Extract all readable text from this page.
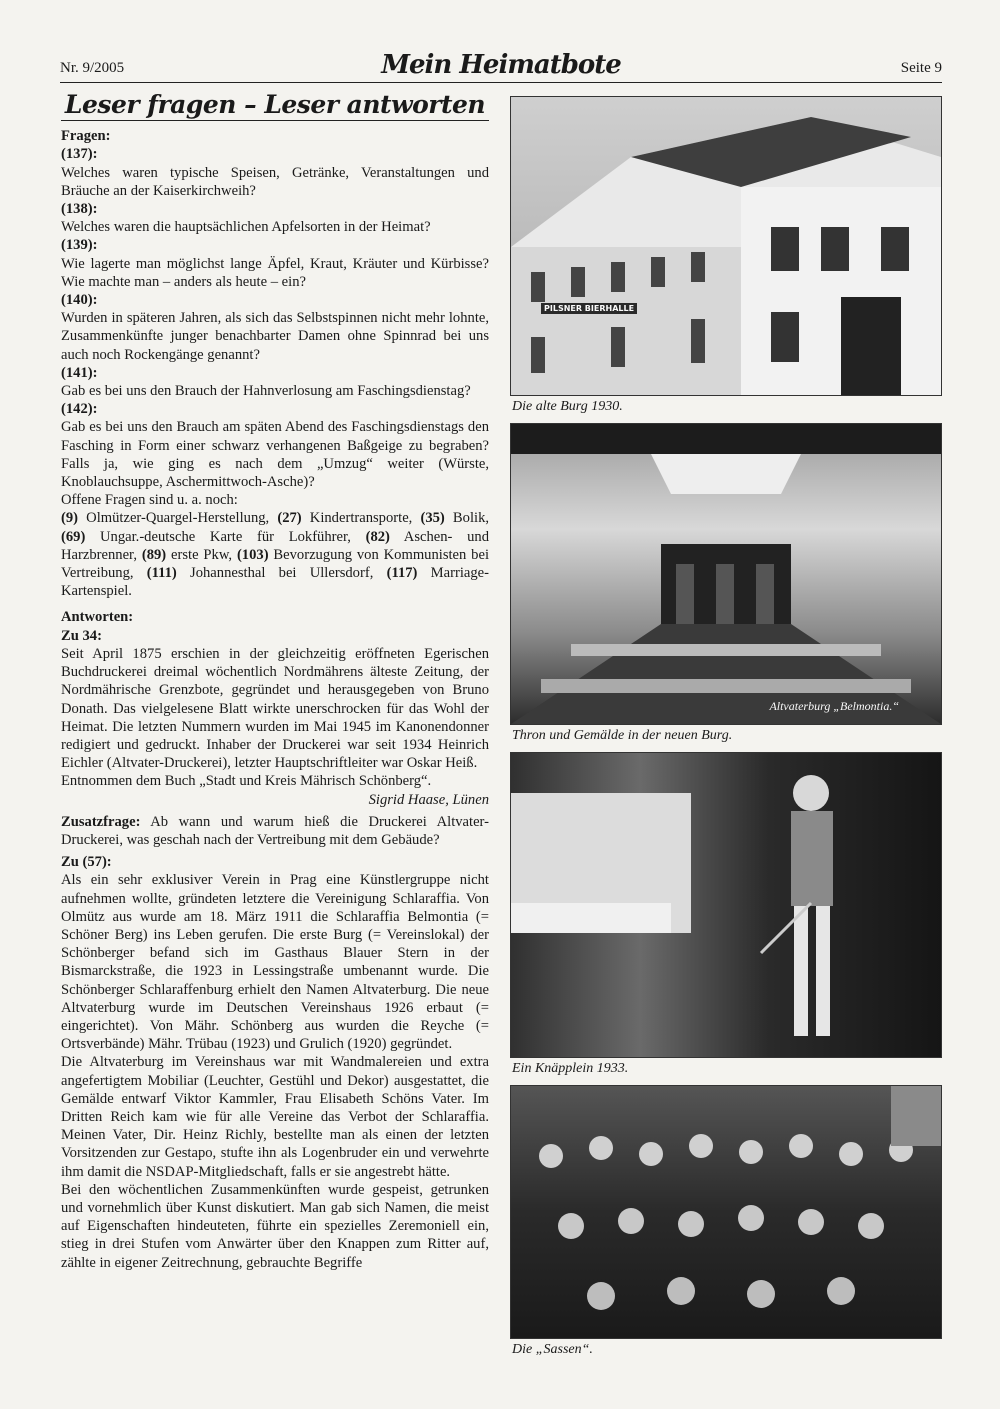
Nr. 9/2005	Mein Heimatbote	Seite 9
Leser fragen – Leser antworten

Fragen:

(137):

Welches waren typische Speisen, Getränke, Veranstaltungen und Bräuche an der Kaiserkirchweih?

(138):

Welches waren die hauptsächlichen Apfelsorten in der Heimat?

(139):

Wie lagerte man möglichst lange Äpfel, Kraut, Kräuter und Kürbisse? Wie machte man – anders als heute – ein?

(140):

Wurden in späteren Jahren, als sich das Selbstspinnen nicht mehr lohnte, Zusammenkünfte junger benachbarter Damen ohne Spinnrad bei uns auch noch Rockengänge genannt?

(141):

Gab es bei uns den Brauch der Hahnverlosung am Faschingsdienstag?

(142):

Gab es bei uns den Brauch am späten Abend des Faschingsdienstags den Fasching in Form einer schwarz verhangenen Baßgeige zu begraben? Falls ja, wie ging es nach dem „Umzug“ weiter (Würste, Knoblauchsuppe, Aschermittwoch-Asche)?

Offene Fragen sind u. a. noch:

(9) Olmützer-Quargel-Herstellung, (27) Kindertransporte, (35) Bolik, (69) Ungar.-deutsche Karte für Lokführer, (82) Aschen- und Harzbrenner, (89) erste Pkw, (103) Bevorzugung von Kommunisten bei Vertreibung, (111) Johannesthal bei Ullersdorf, (117) Marriage-Kartenspiel.

Antworten:

Zu 34:

Seit April 1875 erschien in der gleichzeitig eröffneten Egerischen Buchdruckerei dreimal wöchentlich Nordmährens älteste Zeitung, der Nordmährische Grenzbote, gegründet und herausgegeben von Bruno Donath. Das vielgelesene Blatt wirkte unerschrocken für das Wohl der Heimat. Die letzten Nummern wurden im Mai 1945 im Kanonendonner redigiert und gedruckt. Inhaber der Druckerei war seit 1934 Heinrich Eichler (Altvater-Druckerei), letzter Hauptschriftleiter war Oskar Heiß.

Entnommen dem Buch „Stadt und Kreis Mährisch Schönberg“.

Sigrid Haase, Lünen

Zusatzfrage: Ab wann und warum hieß die Druckerei Altvater-Druckerei, was geschah nach der Vertreibung mit dem Gebäude?

Zu (57):

Als ein sehr exklusiver Verein in Prag eine Künstlergruppe nicht aufnehmen wollte, gründeten letztere die Vereinigung Schlaraffia. Von Olmütz aus wurde am 18. März 1911 die Schlaraffia Belmontia (= Schöner Berg) ins Leben gerufen. Die erste Burg (= Vereinslokal) der Schönberger befand sich im Gasthaus Blauer Stern in der Bismarckstraße, die 1923 in Lessingstraße umbenannt wurde. Die Schönberger Schlaraffenburg erhielt den Namen Altvaterburg. Die neue Altvaterburg wurde im Deutschen Vereinshaus 1926 erbaut (= eingerichtet). Von Mähr. Schönberg aus wurden die Reyche (= Ortsverbände) Mähr. Trübau (1923) und Grulich (1920) gegründet.

Die Altvaterburg im Vereinshaus war mit Wandmalereien und extra angefertigtem Mobiliar (Leuchter, Gestühl und Dekor) ausgestattet, die Gemälde entwarf Viktor Kammler, Frau Elisabeth Schöns Vater. Im Dritten Reich kam wie für alle Vereine das Verbot der Schlaraffia. Meinen Vater, Dir. Heinz Richly, bestellte man als einen der letzten Vorsitzenden zur Gestapo, stufte ihn als Logenbruder ein und verwehrte ihm damit die NSDAP-Mitgliedschaft, falls er sie angestrebt hätte.

Bei den wöchentlichen Zusammenkünften wurde gespeist, getrunken und vornehmlich über Kunst diskutiert. Man gab sich Namen, die meist auf Eigenschaften hindeuteten, führte ein spezielles Zeremoniell ein, stieg in drei Stufen vom Anwärter über den Knappen zum Ritter auf, zählte in eigener Zeitrechnung, gebrauchte Begriffe

PILSNER BIERHALLE
Die alte Burg 1930.
Altvaterburg „Belmontia.“
Thron und Gemälde in der neuen Burg.
Ein Knäpplein 1933.
Die „Sassen“.
